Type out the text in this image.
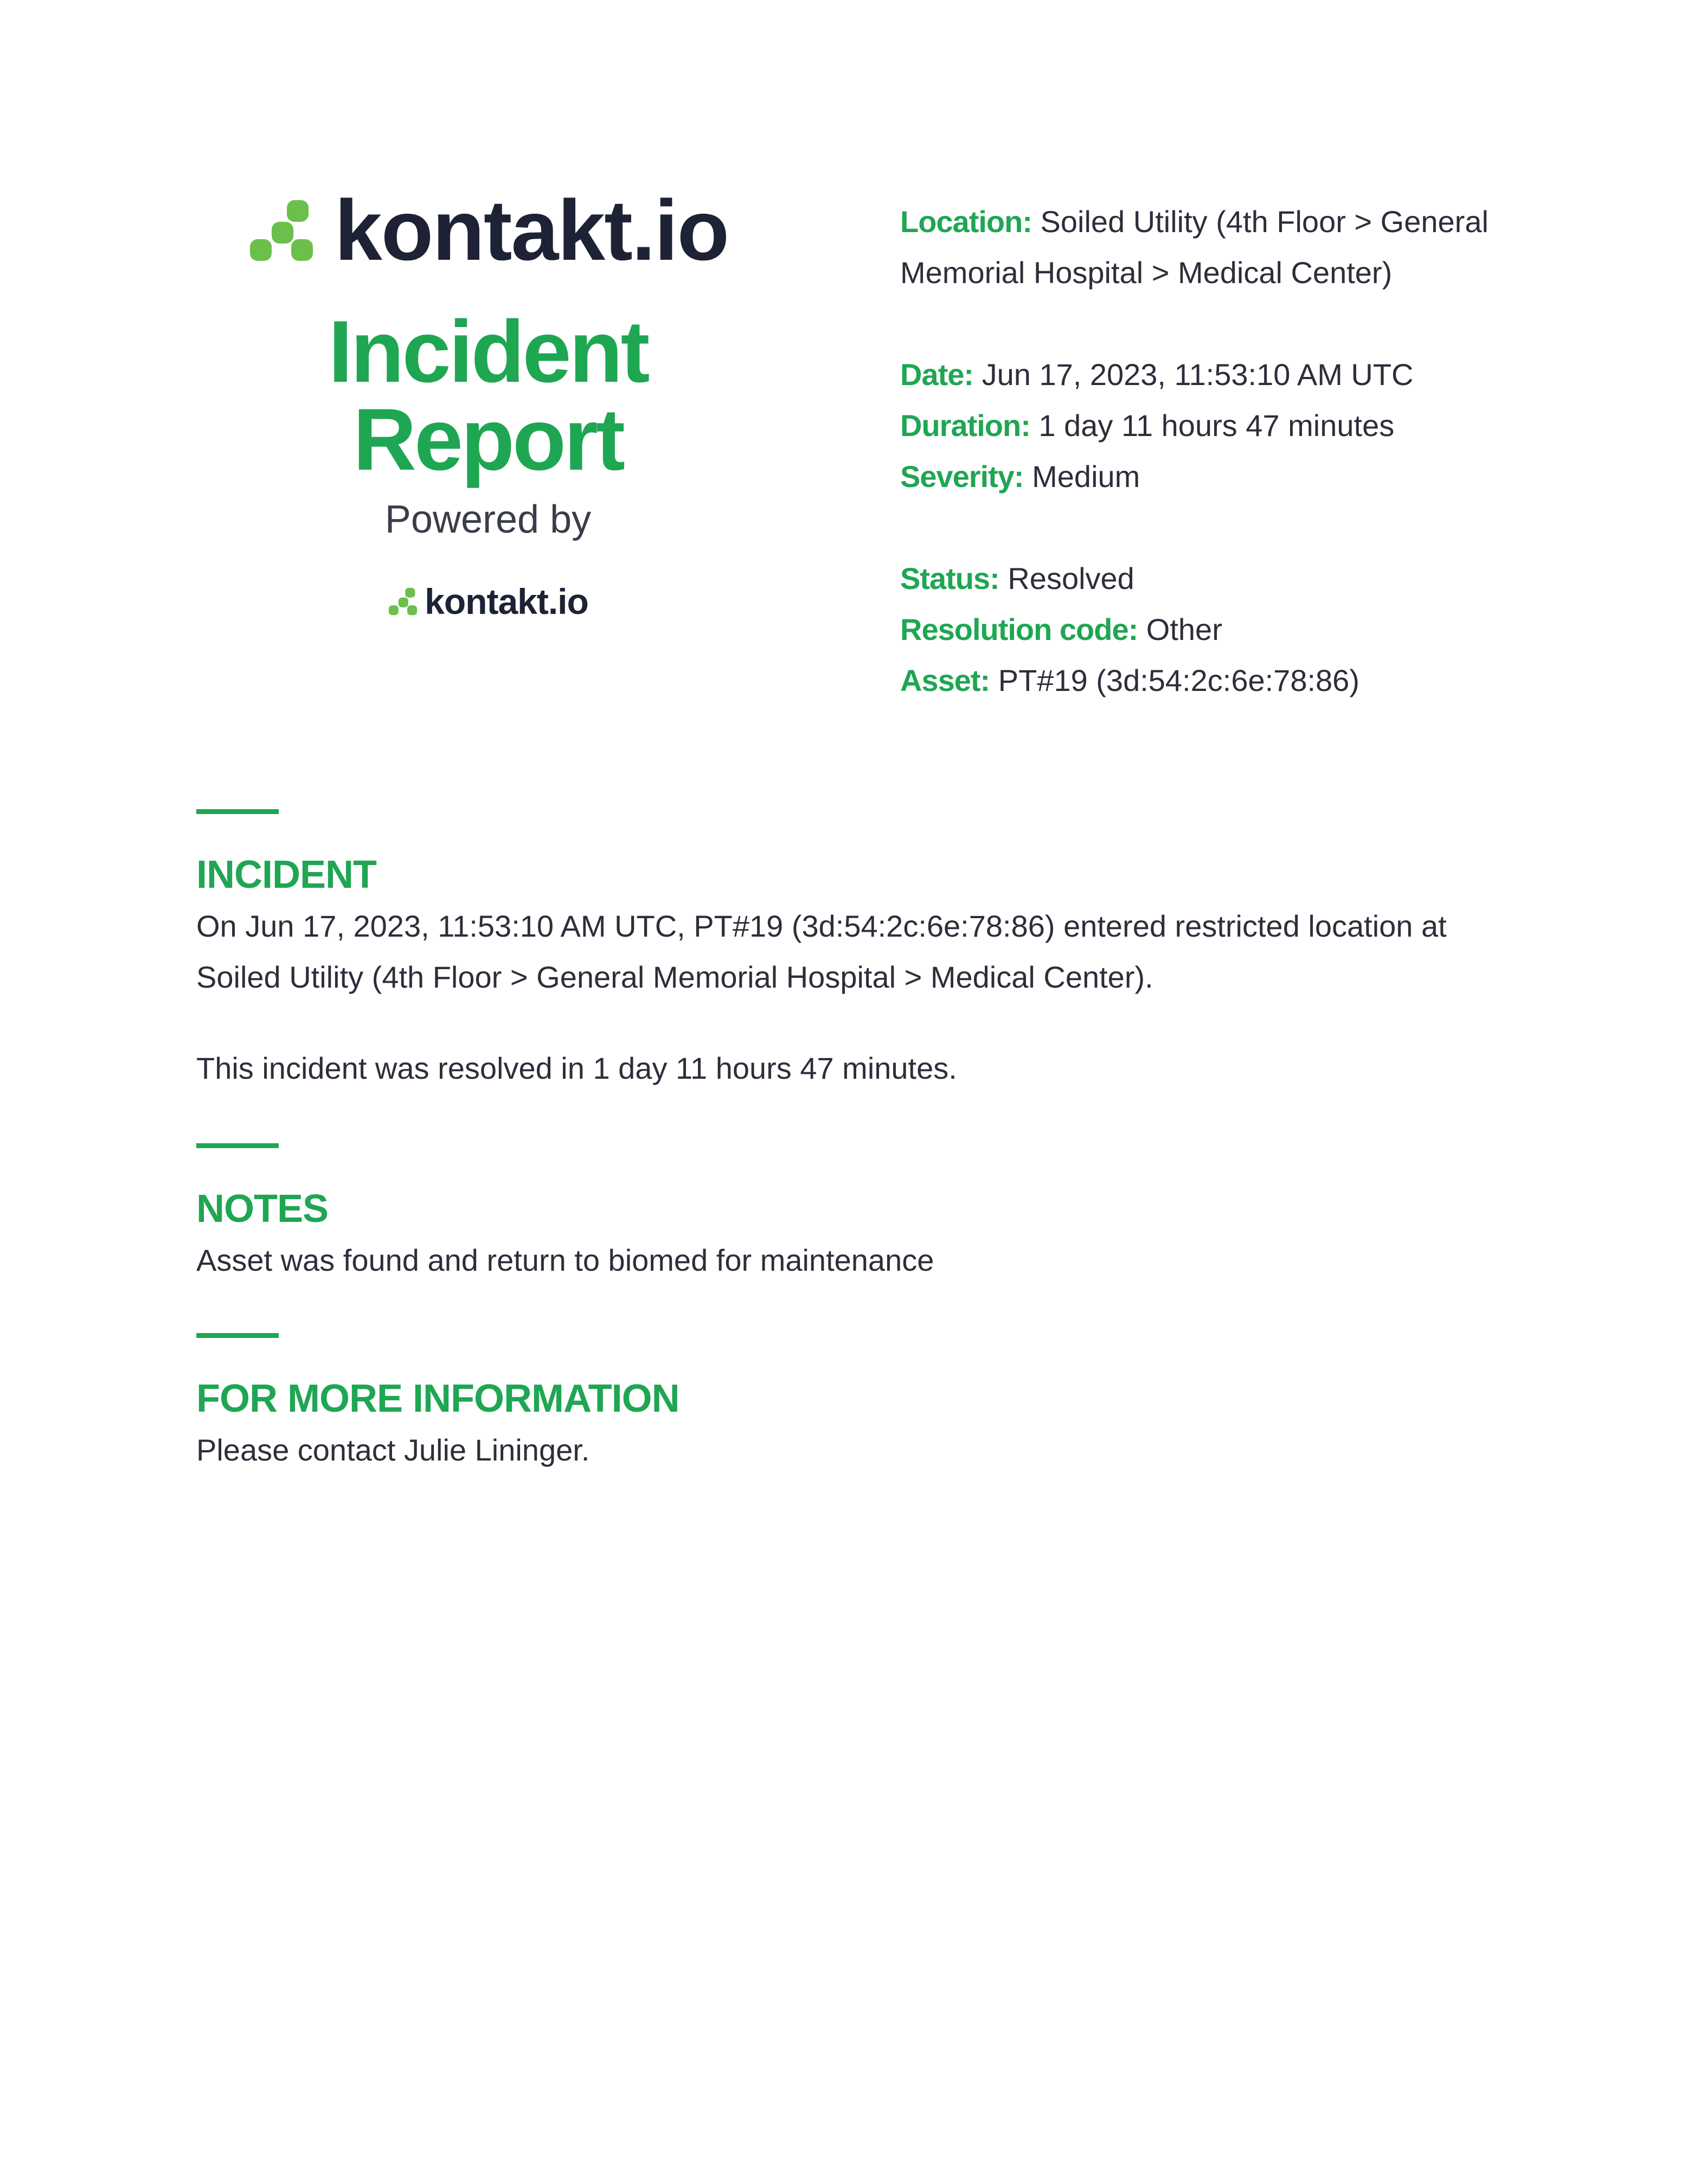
kontakt.io
Incident Report
Powered by
kontakt.io

Location: Soiled Utility (4th Floor > General Memorial Hospital > Medical Center)

Date: Jun 17, 2023, 11:53:10 AM UTC

Duration: 1 day 11 hours 47 minutes

Severity: Medium

Status: Resolved

Resolution code: Other

Asset: PT#19 (3d:54:2c:6e:78:86)

INCIDENT

On Jun 17, 2023, 11:53:10 AM UTC, PT#19 (3d:54:2c:6e:78:86) entered restricted location at Soiled Utility (4th Floor > General Memorial Hospital > Medical Center).

This incident was resolved in 1 day 11 hours 47 minutes.

NOTES

Asset was found and return to biomed for maintenance

FOR MORE INFORMATION

Please contact Julie Lininger.
